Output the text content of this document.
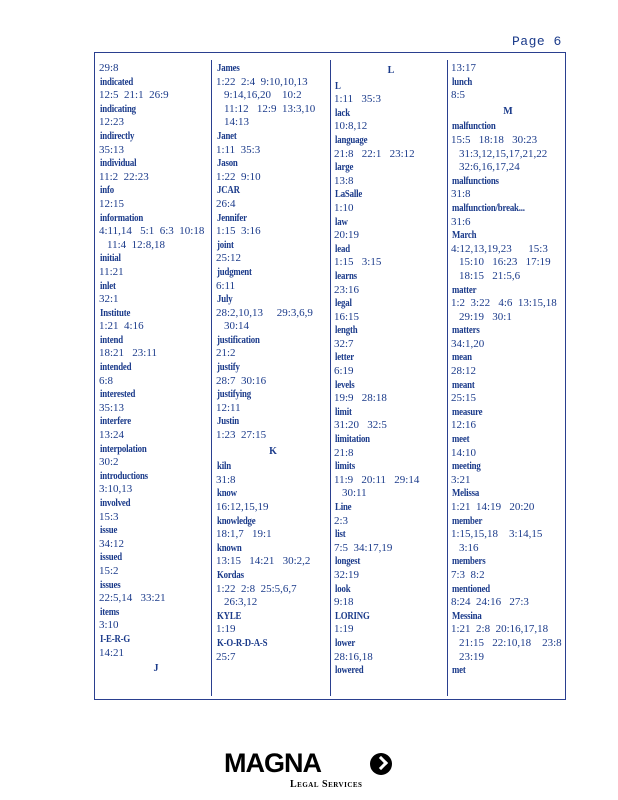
Page 6
29:8
indicated
12:5  21:1  26:9
indicating
12:23
indirectly
35:13
individual
11:2  22:23
info
12:15
information
4:11,14   5:1  6:3  10:18
11:4  12:8,18
initial
11:21
inlet
32:1
Institute
1:21  4:16
intend
18:21   23:11
intended
6:8
interested
35:13
interfere
13:24
interpolation
30:2
introductions
3:10,13
involved
15:3
issue
34:12
issued
15:2
issues
22:5,14   33:21
items
3:10
I-E-R-G
14:21
J
James
1:22  2:4  9:10,10,13
9:14,16,20    10:2
11:12   12:9  13:3,10
14:13
Janet
1:11  35:3
Jason
1:22  9:10
JCAR
26:4
Jennifer
1:15  3:16
joint
25:12
judgment
6:11
July
28:2,10,13     29:3,6,9
30:14
justification
21:2
justify
28:7  30:16
justifying
12:11
Justin
1:23  27:15
K
kiln
31:8
know
16:12,15,19
knowledge
18:1,7   19:1
known
13:15   14:21   30:2,2
Kordas
1:22  2:8  25:5,6,7
26:3,12
KYLE
1:19
K-O-R-D-A-S
25:7
L
L
1:11   35:3
lack
10:8,12
language
21:8   22:1   23:12
large
13:8
LaSalle
1:10
law
20:19
lead
1:15   3:15
learns
23:16
legal
16:15
length
32:7
letter
6:19
levels
19:9   28:18
limit
31:20   32:5
limitation
21:8
limits
11:9   20:11   29:14
30:11
Line
2:3
list
7:5  34:17,19
longest
32:19
look
9:18
LORING
1:19
lower
28:16,18
lowered
13:17
lunch
8:5
M
malfunction
15:5   18:18   30:23
31:3,12,15,17,21,22
32:6,16,17,24
malfunctions
31:8
malfunction/break...
31:6
March
4:12,13,19,23      15:3
15:10   16:23   17:19
18:15   21:5,6
matter
1:2  3:22   4:6  13:15,18
29:19   30:1
matters
34:1,20
mean
28:12
meant
25:15
measure
12:16
meet
14:10
meeting
3:21
Melissa
1:21  14:19   20:20
member
1:15,15,18    3:14,15
3:16
members
7:3  8:2
mentioned
8:24  24:16   27:3
Messina
1:21  2:8  20:16,17,18
21:15   22:10,18    23:8
23:19
met
MAGNA
Legal Services
